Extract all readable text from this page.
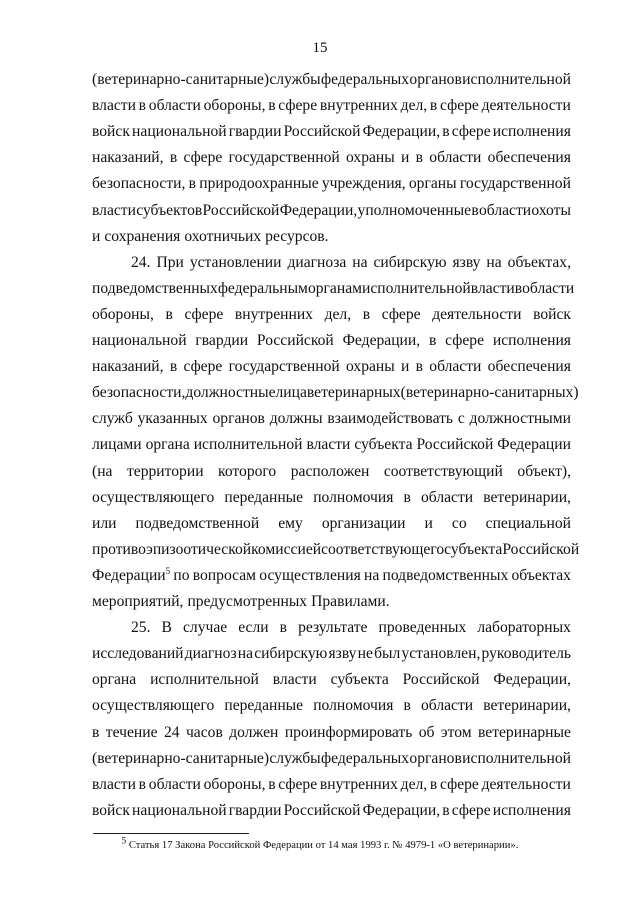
15
(ветеринарно-санитарные) службы федеральных органов исполнительной
власти в области обороны, в сфере внутренних дел, в сфере деятельности
войск национальной гвардии Российской Федерации, в сфере исполнения
наказаний, в сфере государственной охраны и в области обеспечения
безопасности, в природоохранные учреждения, органы государственной
власти субъектов Российской Федерации, уполномоченные в области охоты
и сохранения охотничьих ресурсов.
24. При установлении диагноза на сибирскую язву на объектах,
подведомственных федеральным органам исполнительной власти в области
обороны, в сфере внутренних дел, в сфере деятельности войск
национальной гвардии Российской Федерации, в сфере исполнения
наказаний, в сфере государственной охраны и в области обеспечения
безопасности, должностные лица ветеринарных (ветеринарно-санитарных)
служб указанных органов должны взаимодействовать с должностными
лицами органа исполнительной власти субъекта Российской Федерации
(на территории которого расположен соответствующий объект),
осуществляющего переданные полномочия в области ветеринарии,
или подведомственной ему организации и со специальной
противоэпизоотической комиссией соответствующего субъекта Российской
Федерации$^5$ по вопросам осуществления на подведомственных объектах
мероприятий, предусмотренных Правилами.
25. В случае если в результате проведенных лабораторных
исследований диагноз на сибирскую язву не был установлен, руководитель
органа исполнительной власти субъекта Российской Федерации,
осуществляющего переданные полномочия в области ветеринарии,
в течение 24 часов должен проинформировать об этом ветеринарные
(ветеринарно-санитарные) службы федеральных органов исполнительной
власти в области обороны, в сфере внутренних дел, в сфере деятельности
войск национальной гвардии Российской Федерации, в сфере исполнения
$^5$ Статья 17 Закона Российской Федерации от 14 мая 1993 г. № 4979-1 «О ветеринарии».
